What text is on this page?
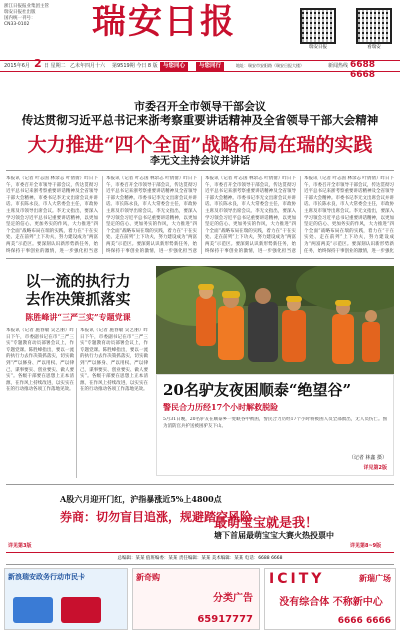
浙江日报报业集团主管
瑞安日报社出版
国内统一刊号：
CN33-0102	瑞安日报
瑞安日报	看瑞安
2015年6月 2 日 星期二 乙未年四月十六 第9519期 今日 8 版 与您同心	与您同行	地址：瑞安市安阳路（瑞安日报大楼）	新闻热线 6688 6668
市委召开全市领导干部会议
传达贯彻习近平总书记来浙考察重要讲话精神及全省领导干部大会精神
大力推进“四个全面”战略布局在瑞的实践
李无文主持会议并讲话
本报讯（记者 叶志国 林余志 叶倩倩）昨日下午，市委召开全市领导干部会议，传达贯彻习近平总书记来浙考察重要讲话精神及全省领导干部大会精神。市委书记李无文出席会议并讲话。市长陈永良，市人大常委会主任，市政协主席及市领导出席会议。李无文指出，要深入学习领会习近平总书记重要讲话精神，以更加坚定的信心、更加务实的作风，大力推进“四个全面”战略布局在瑞的实践，着力在“干在实处、走在前列”上下功夫，努力建设成为“两富两美”示范区。要深刻认识新形势新任务，始终保持干事创业的激情，进一步强化担当意
本报讯（记者 叶志国 林余志 叶倩倩）昨日下午，市委召开全市领导干部会议，传达贯彻习近平总书记来浙考察重要讲话精神及全省领导干部大会精神。市委书记李无文出席会议并讲话。市长陈永良，市人大常委会主任，市政协主席及市领导出席会议。李无文指出，要深入学习领会习近平总书记重要讲话精神，以更加坚定的信心、更加务实的作风，大力推进“四个全面”战略布局在瑞的实践，着力在“干在实处、走在前列”上下功夫，努力建设成为“两富两美”示范区。要深刻认识新形势新任务，始终保持干事创业的激情，进一步强化担当意
本报讯（记者 叶志国 林余志 叶倩倩）昨日下午，市委召开全市领导干部会议，传达贯彻习近平总书记来浙考察重要讲话精神及全省领导干部大会精神。市委书记李无文出席会议并讲话。市长陈永良，市人大常委会主任，市政协主席及市领导出席会议。李无文指出，要深入学习领会习近平总书记重要讲话精神，以更加坚定的信心、更加务实的作风，大力推进“四个全面”战略布局在瑞的实践，着力在“干在实处、走在前列”上下功夫，努力建设成为“两富两美”示范区。要深刻认识新形势新任务，始终保持干事创业的激情，进一步强化担当意
本报讯（记者 叶志国 林余志 叶倩倩）昨日下午，市委召开全市领导干部会议，传达贯彻习近平总书记来浙考察重要讲话精神及全省领导干部大会精神。市委书记李无文出席会议并讲话。市长陈永良，市人大常委会主任，市政协主席及市领导出席会议。李无文指出，要深入学习领会习近平总书记重要讲话精神，以更加坚定的信心、更加务实的作风，大力推进“四个全面”战略布局在瑞的实践，着力在“干在实处、走在前列”上下功夫，努力建设成为“两富两美”示范区。要深刻认识新形势新任务，始终保持干事创业的激情，进一步强化
以一流的执行力
去作决策抓落实
陈胜峰讲“三严三实”专题党课
本报讯（记者 施春敏 吴艺丽）昨日下午，市委副书记在市“三严三实”专题教育动员部署会议上，作专题党课。陈胜峰指出，要以一流的执行力去作决策抓落实，切实做到“严以修身、严以用权、严以律己，谋事要实、创业要实、做人要实”。各级干部要在思想上正本清源，在作风上持续改进，以实实在在的行动推动各项工作落地见效。
本报讯（记者 施春敏 吴艺丽）昨日下午，市委副书记在市“三严三实”专题教育动员部署会议上，作专题党课。陈胜峰指出，要以一流的执行力去作决策抓落实，切实做到“严以修身、严以用权、严以律己，谋事要实、创业要实、做人要实”。各级干部要在思想上正本清源，在作风上持续改进，以实实在在的行动推动各项工作落地见效。 20名驴友夜困顺泰“绝望谷”
警民合力历经17个小时解救脱险
5月31日晚，20名驴友在顺泰乡一处峡谷中被困，警民合力历经17个小时将被困人员全部救出，无人员伤亡。图为消防官兵护送被困驴友下山。
（记者 林鑫 摄）
详见第2版
A股六月迎开门红，沪指暴涨近5%上4800点
券商：切勿盲目追涨，规避踏空风险
详见第3版
最萌宝宝就是我！
塘下首届最萌宝宝大赛火热投票中
详见第8~9版
总编辑：某某 值班编委：某某 责任编辑：某某 美术编辑：某某 电话：6688 6668
新浪瑞安政务行动市民卡	新奇购
分类广告
65917777
ICITY	新瑞广场
没有综合体 不称新中心
6666 6666
